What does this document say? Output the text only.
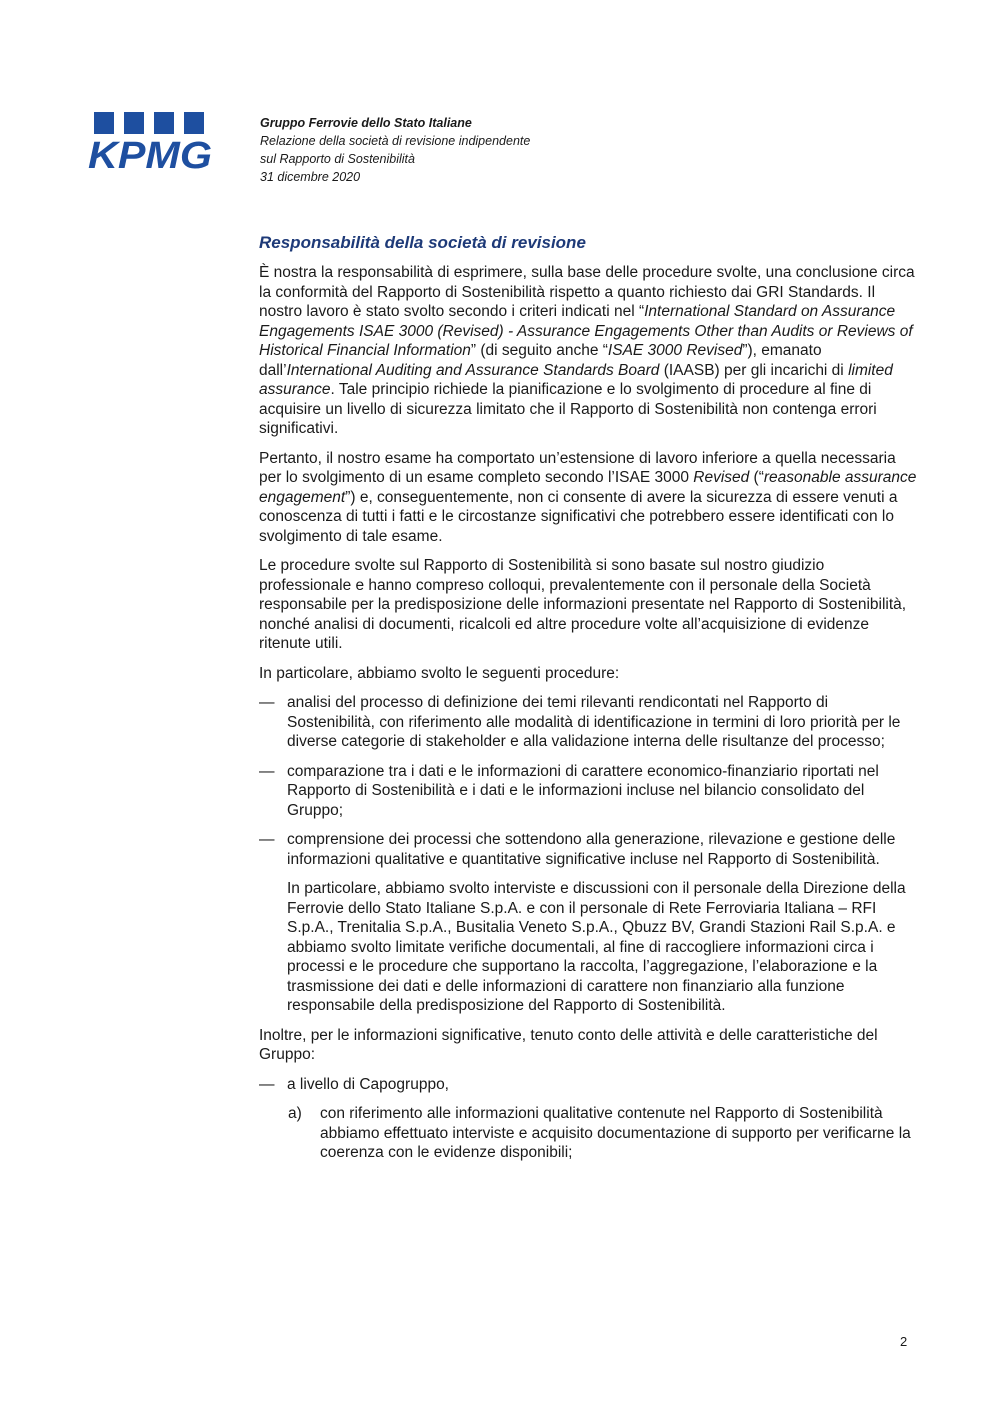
KPMG
Gruppo Ferrovie dello Stato Italiane
Relazione della società di revisione indipendente
sul Rapporto di Sostenibilità
31 dicembre 2020
Responsabilità della società di revisione

È nostra la responsabilità di esprimere, sulla base delle procedure svolte, una conclusione circa la conformità del Rapporto di Sostenibilità rispetto a quanto richiesto dai GRI Standards. Il nostro lavoro è stato svolto secondo i criteri indicati nel “International Standard on Assurance Engagements ISAE 3000 (Revised) - Assurance Engagements Other than Audits or Reviews of Historical Financial Information” (di seguito anche “ISAE 3000 Revised”), emanato dall’International Auditing and Assurance Standards Board (IAASB) per gli incarichi di limited assurance. Tale principio richiede la pianificazione e lo svolgimento di procedure al fine di acquisire un livello di sicurezza limitato che il Rapporto di Sostenibilità non contenga errori significativi.

Pertanto, il nostro esame ha comportato un’estensione di lavoro inferiore a quella necessaria per lo svolgimento di un esame completo secondo l’ISAE 3000 Revised (“reasonable assurance engagement”) e, conseguentemente, non ci consente di avere la sicurezza di essere venuti a conoscenza di tutti i fatti e le circostanze significativi che potrebbero essere identificati con lo svolgimento di tale esame.

Le procedure svolte sul Rapporto di Sostenibilità si sono basate sul nostro giudizio professionale e hanno compreso colloqui, prevalentemente con il personale della Società responsabile per la predisposizione delle informazioni presentate nel Rapporto di Sostenibilità, nonché analisi di documenti, ricalcoli ed altre procedure volte all’acquisizione di evidenze ritenute utili.

In particolare, abbiamo svolto le seguenti procedure:

— analisi del processo di definizione dei temi rilevanti rendicontati nel Rapporto di Sostenibilità, con riferimento alle modalità di identificazione in termini di loro priorità per le diverse categorie di stakeholder e alla validazione interna delle risultanze del processo;
— comparazione tra i dati e le informazioni di carattere economico-finanziario riportati nel Rapporto di Sostenibilità e i dati e le informazioni incluse nel bilancio consolidato del Gruppo;
— comprensione dei processi che sottendono alla generazione, rilevazione e gestione delle informazioni qualitative e quantitative significative incluse nel Rapporto di Sostenibilità.

In particolare, abbiamo svolto interviste e discussioni con il personale della Direzione della Ferrovie dello Stato Italiane S.p.A. e con il personale di Rete Ferroviaria Italiana – RFI S.p.A., Trenitalia S.p.A., Busitalia Veneto S.p.A., Qbuzz BV, Grandi Stazioni Rail S.p.A. e abbiamo svolto limitate verifiche documentali, al fine di raccogliere informazioni circa i processi e le procedure che supportano la raccolta, l’aggregazione, l’elaborazione e la trasmissione dei dati e delle informazioni di carattere non finanziario alla funzione responsabile della predisposizione del Rapporto di Sostenibilità.

Inoltre, per le informazioni significative, tenuto conto delle attività e delle caratteristiche del Gruppo:

— a livello di Capogruppo,
a) con riferimento alle informazioni qualitative contenute nel Rapporto di Sostenibilità abbiamo effettuato interviste e acquisito documentazione di supporto per verificarne la coerenza con le evidenze disponibili;
2
